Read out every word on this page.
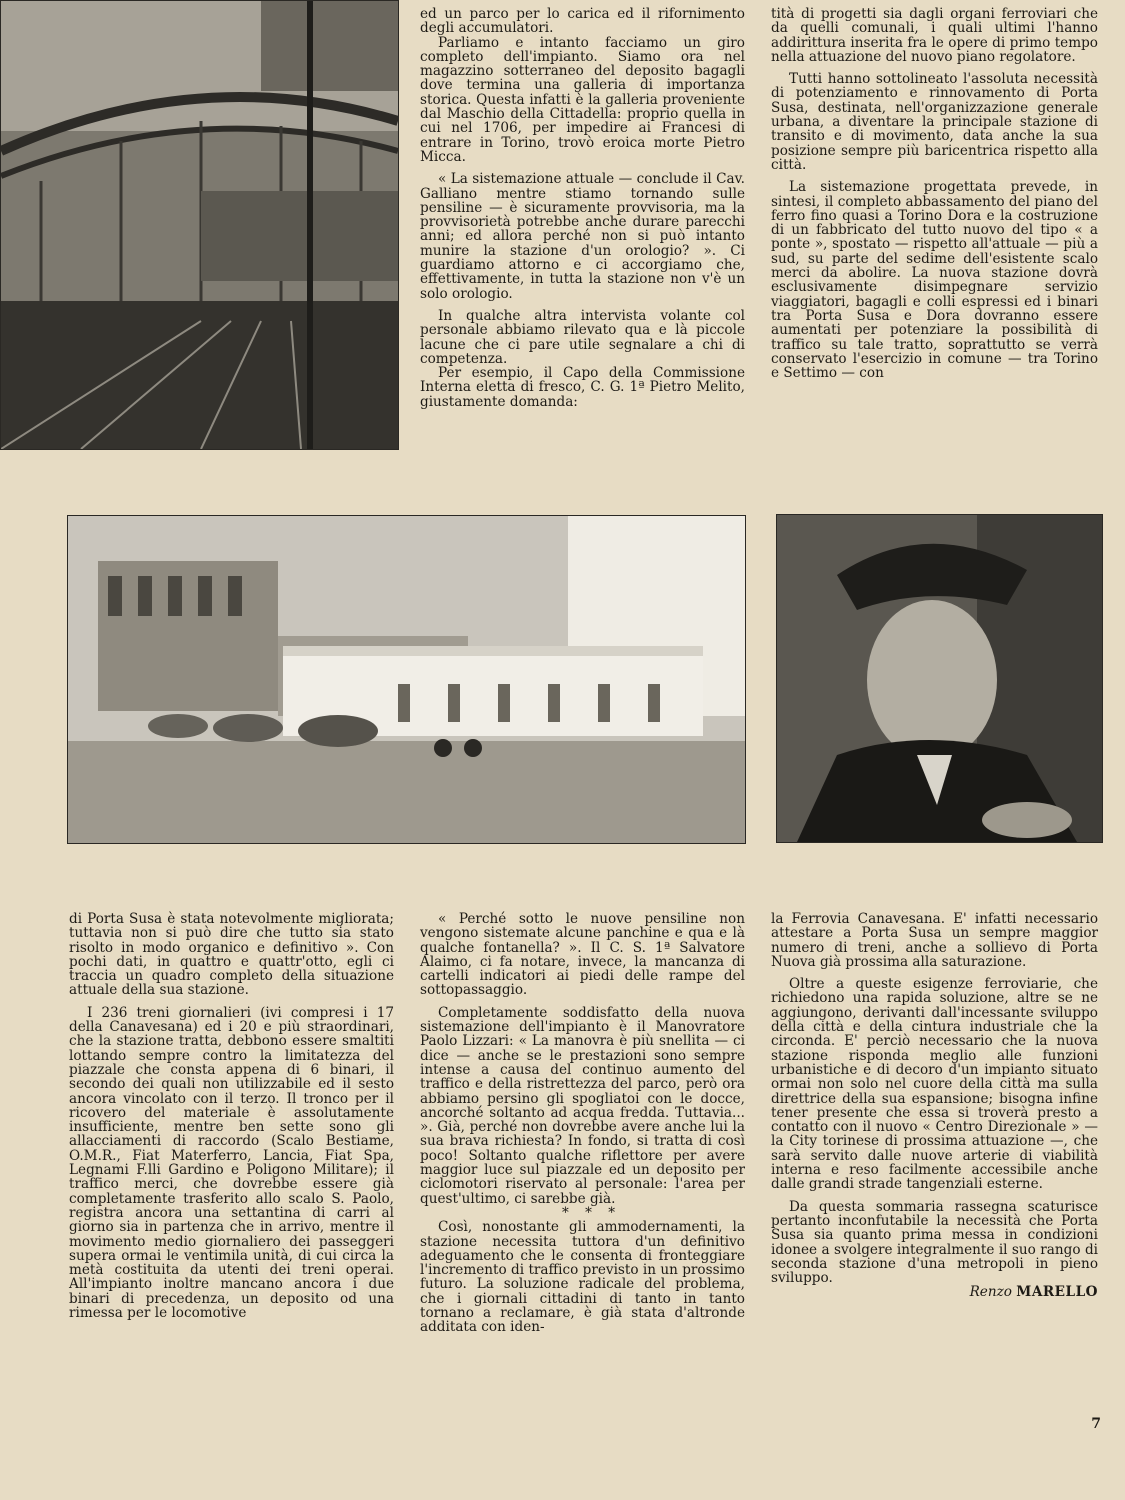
ed un parco per lo carica ed il rifornimento degli accumulatori.

Parliamo e intanto facciamo un giro completo dell'impianto. Siamo ora nel magazzino sotterraneo del deposito bagagli dove termina una galleria di importanza storica. Questa infatti è la galleria proveniente dal Maschio della Cittadella: proprio quella in cui nel 1706, per impedire ai Francesi di entrare in Torino, trovò eroica morte Pietro Micca.

« La sistemazione attuale — conclude il Cav. Galliano mentre stiamo tornando sulle pensiline — è sicuramente provvisoria, ma la provvisorietà potrebbe anche durare parecchi anni; ed allora perché non si può intanto munire la stazione d'un orologio? ». Ci guardiamo attorno e ci accorgiamo che, effettivamente, in tutta la stazione non v'è un solo orologio.

In qualche altra intervista volante col personale abbiamo rilevato qua e là piccole lacune che ci pare utile segnalare a chi di competenza.

Per esempio, il Capo della Commissione Interna eletta di fresco, C. G. 1ª Pietro Melito, giustamente domanda:

tità di progetti sia dagli organi ferroviari che da quelli comunali, i quali ultimi l'hanno addirittura inserita fra le opere di primo tempo nella attuazione del nuovo piano regolatore.

Tutti hanno sottolineato l'assoluta necessità di potenziamento e rinnovamento di Porta Susa, destinata, nell'organizzazione generale urbana, a diventare la principale stazione di transito e di movimento, data anche la sua posizione sempre più baricentrica rispetto alla città.

La sistemazione progettata prevede, in sintesi, il completo abbassamento del piano del ferro fino quasi a Torino Dora e la costruzione di un fabbricato del tutto nuovo del tipo « a ponte », spostato — rispetto all'attuale — più a sud, su parte del sedime dell'esistente scalo merci da abolire. La nuova stazione dovrà esclusivamente disimpegnare servizio viaggiatori, bagagli e colli espressi ed i binari tra Porta Susa e Dora dovranno essere aumentati per potenziare la possibilità di traffico su tale tratto, soprattutto se verrà conservato l'esercizio in comune — tra Torino e Settimo — con

di Porta Susa è stata notevolmente migliorata; tuttavia non si può dire che tutto sia stato risolto in modo organico e definitivo ». Con pochi dati, in quattro e quattr'otto, egli ci traccia un quadro completo della situazione attuale della sua stazione.

I 236 treni giornalieri (ivi compresi i 17 della Canavesana) ed i 20 e più straordinari, che la stazione tratta, debbono essere smaltiti lottando sempre contro la limitatezza del piazzale che consta appena di 6 binari, il secondo dei quali non utilizzabile ed il sesto ancora vincolato con il terzo. Il tronco per il ricovero del materiale è assolutamente insufficiente, mentre ben sette sono gli allacciamenti di raccordo (Scalo Bestiame, O.M.R., Fiat Materferro, Lancia, Fiat Spa, Legnami F.lli Gardino e Poligono Militare); il traffico merci, che dovrebbe essere già completamente trasferito allo scalo S. Paolo, registra ancora una settantina di carri al giorno sia in partenza che in arrivo, mentre il movimento medio giornaliero dei passeggeri supera ormai le ventimila unità, di cui circa la metà costituita da utenti dei treni operai. All'impianto inoltre mancano ancora i due binari di precedenza, un deposito od una rimessa per le locomotive

« Perché sotto le nuove pensiline non vengono sistemate alcune panchine e qua e là qualche fontanella? ». Il C. S. 1ª Salvatore Alaimo, ci fa notare, invece, la mancanza di cartelli indicatori ai piedi delle rampe del sottopassaggio.

Completamente soddisfatto della nuova sistemazione dell'impianto è il Manovratore Paolo Lizzari: « La manovra è più snellita — ci dice — anche se le prestazioni sono sempre intense a causa del continuo aumento del traffico e della ristrettezza del parco, però ora abbiamo persino gli spogliatoi con le docce, ancorché soltanto ad acqua fredda. Tuttavia... ». Già, perché non dovrebbe avere anche lui la sua brava richiesta? In fondo, si tratta di così poco! Soltanto qualche riflettore per avere maggior luce sul piazzale ed un deposito per ciclomotori riservato al personale: l'area per quest'ultimo, ci sarebbe già.

* * *

Così, nonostante gli ammodernamenti, la stazione necessita tuttora d'un definitivo adeguamento che le consenta di fronteggiare l'incremento di traffico previsto in un prossimo futuro. La soluzione radicale del problema, che i giornali cittadini di tanto in tanto tornano a reclamare, è già stata d'altronde additata con iden-

la Ferrovia Canavesana. E' infatti necessario attestare a Porta Susa un sempre maggior numero di treni, anche a sollievo di Porta Nuova già prossima alla saturazione.

Oltre a queste esigenze ferroviarie, che richiedono una rapida soluzione, altre se ne aggiungono, derivanti dall'incessante sviluppo della città e della cintura industriale che la circonda. E' perciò necessario che la nuova stazione risponda meglio alle funzioni urbanistiche e di decoro d'un impianto situato ormai non solo nel cuore della città ma sulla direttrice della sua espansione; bisogna infine tener presente che essa si troverà presto a contatto con il nuovo « Centro Direzionale » — la City torinese di prossima attuazione —, che sarà servito dalle nuove arterie di viabilità interna e reso facilmente accessibile anche dalle grandi strade tangenziali esterne.

Da questa sommaria rassegna scaturisce pertanto inconfutabile la necessità che Porta Susa sia quanto prima messa in condizioni idonee a svolgere integralmente il suo rango di seconda stazione d'una metropoli in pieno sviluppo.

Renzo MARELLO

7
